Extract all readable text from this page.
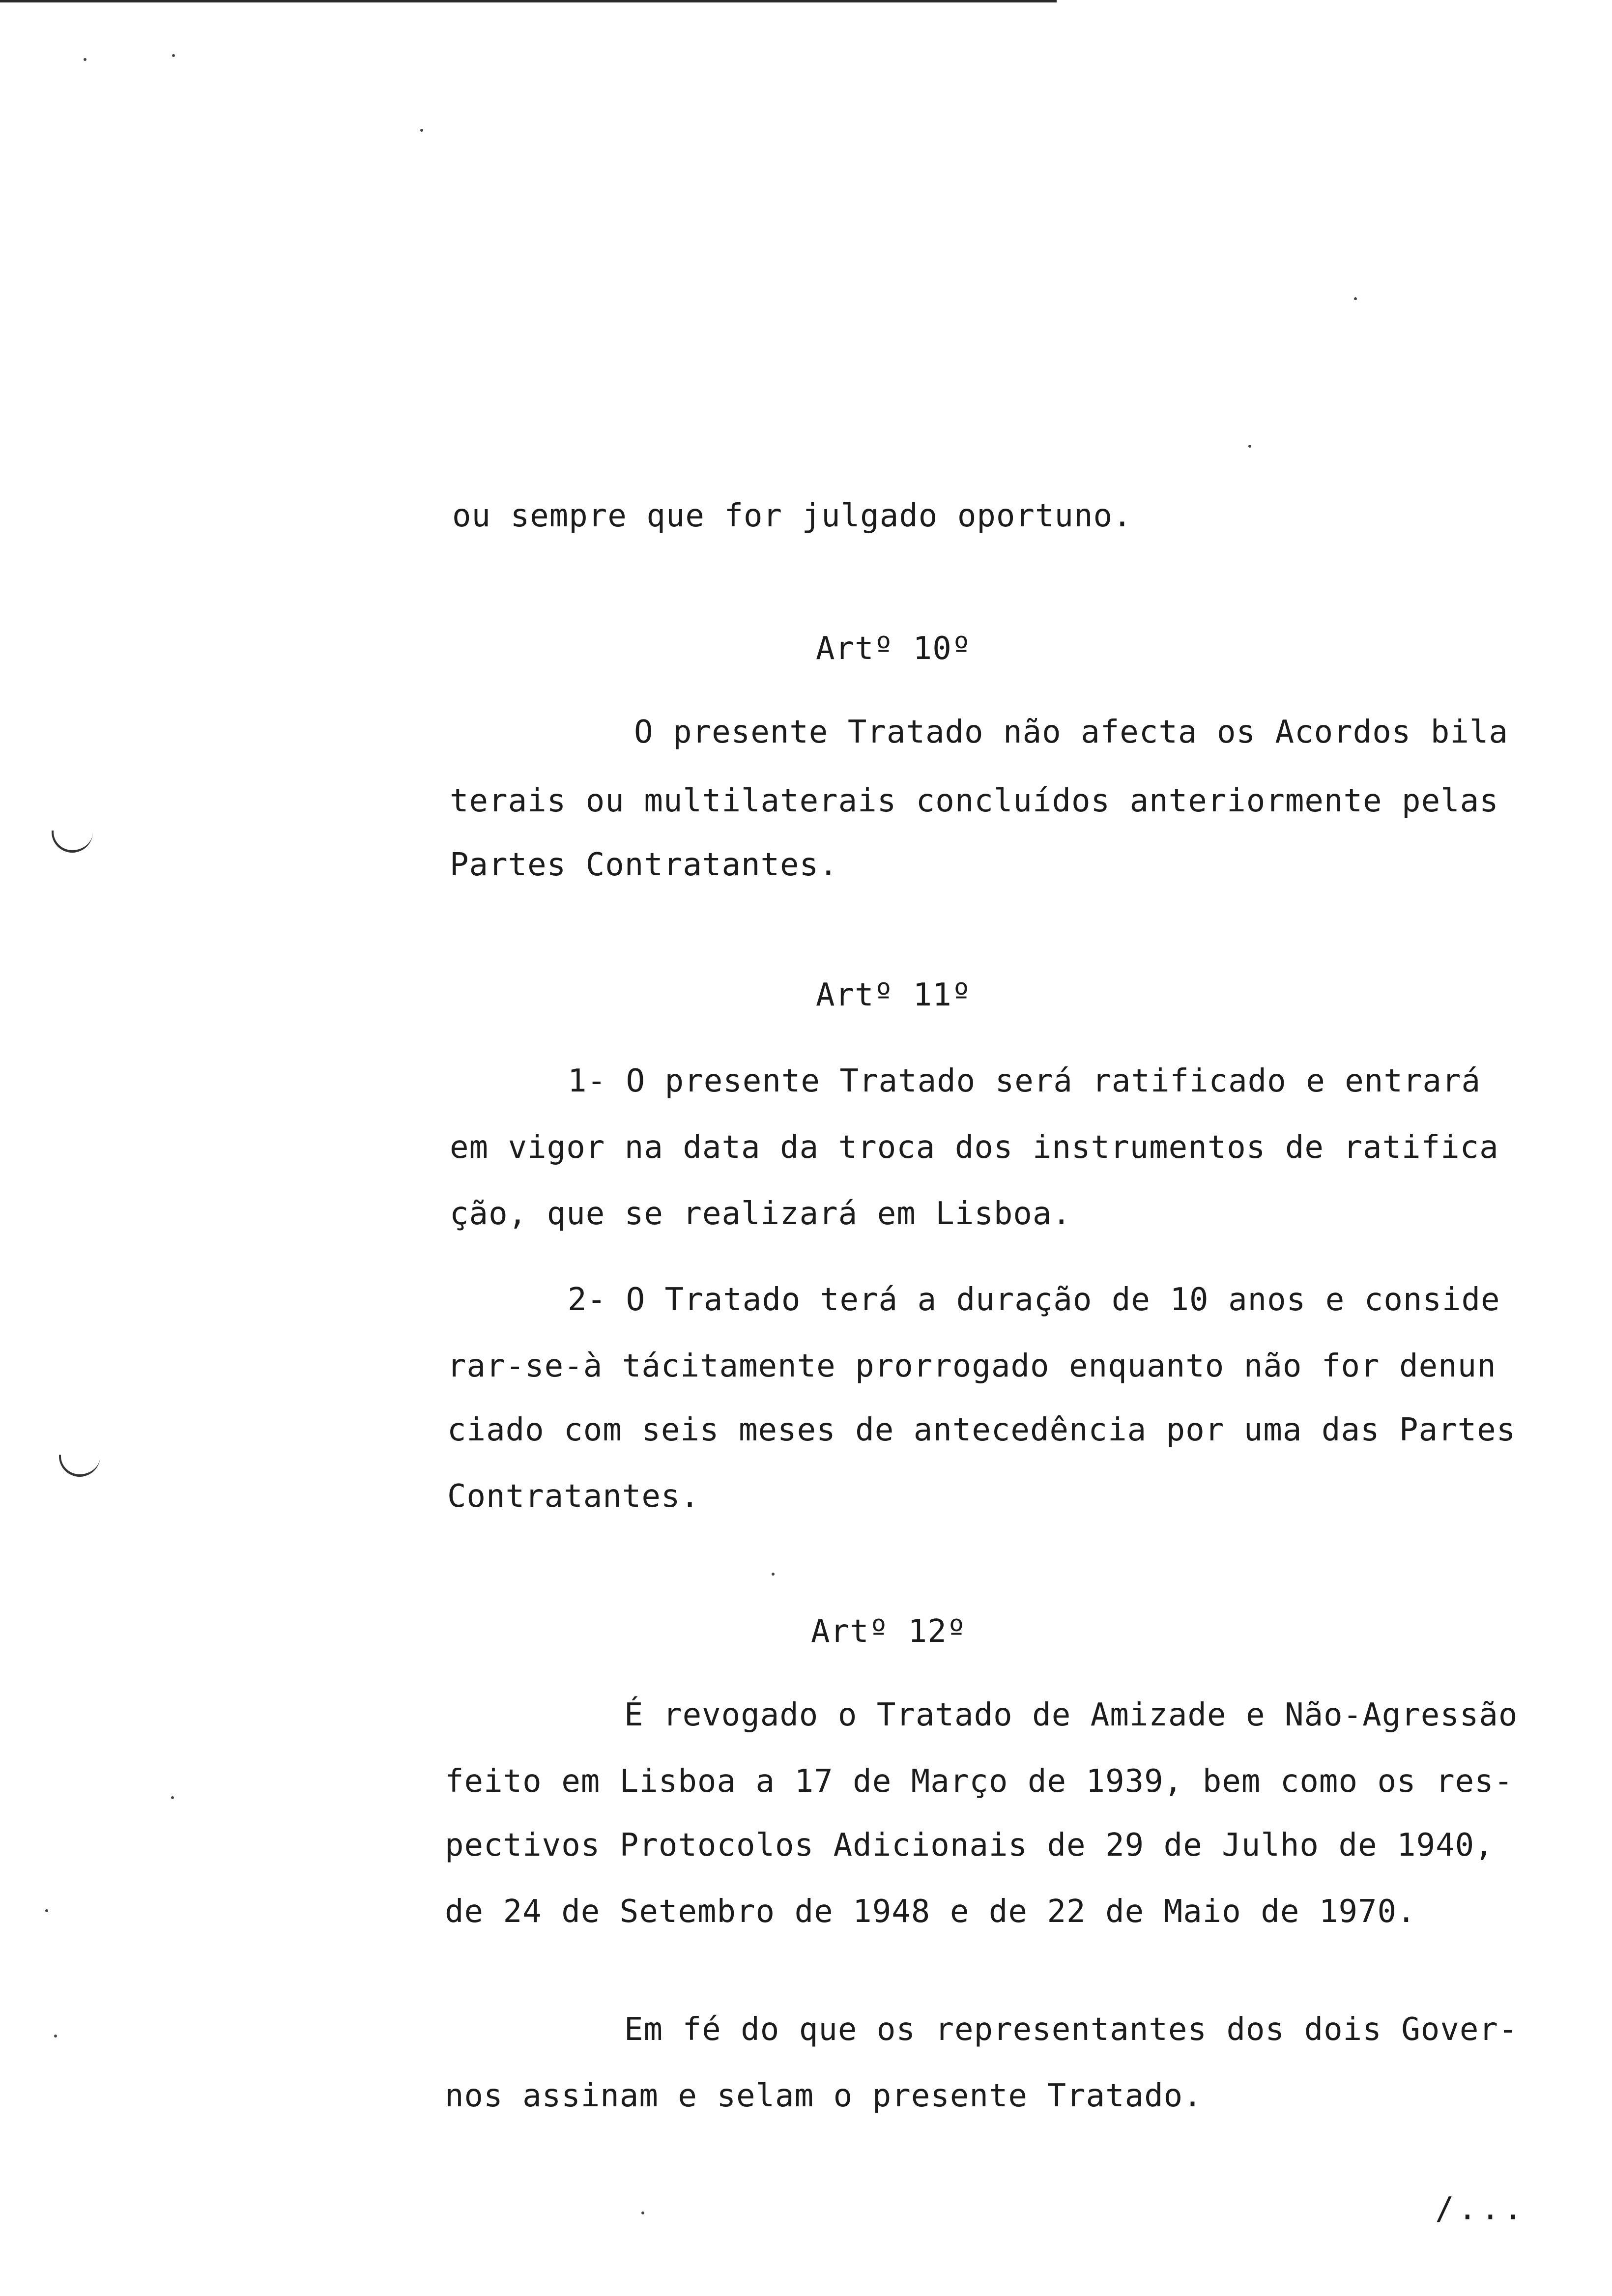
ou sempre que for julgado oportuno.
Artº 10º
O presente Tratado não afecta os Acordos bila
terais ou multilaterais concluídos anteriormente pelas
Partes Contratantes.
Artº 11º
1- O presente Tratado será ratificado e entrará
em vigor na data da troca dos instrumentos de ratifica
ção, que se realizará em Lisboa.
2- O Tratado terá a duração de 10 anos e conside
rar-se-à tácitamente prorrogado enquanto não for denun
ciado com seis meses de antecedência por uma das Partes
Contratantes.
Artº 12º
É revogado o Tratado de Amizade e Não-Agressão
feito em Lisboa a 17 de Março de 1939, bem como os res-
pectivos Protocolos Adicionais de 29 de Julho de 1940,
de 24 de Setembro de 1948 e de 22 de Maio de 1970.
Em fé do que os representantes dos dois Gover-
nos assinam e selam o presente Tratado.
/...
